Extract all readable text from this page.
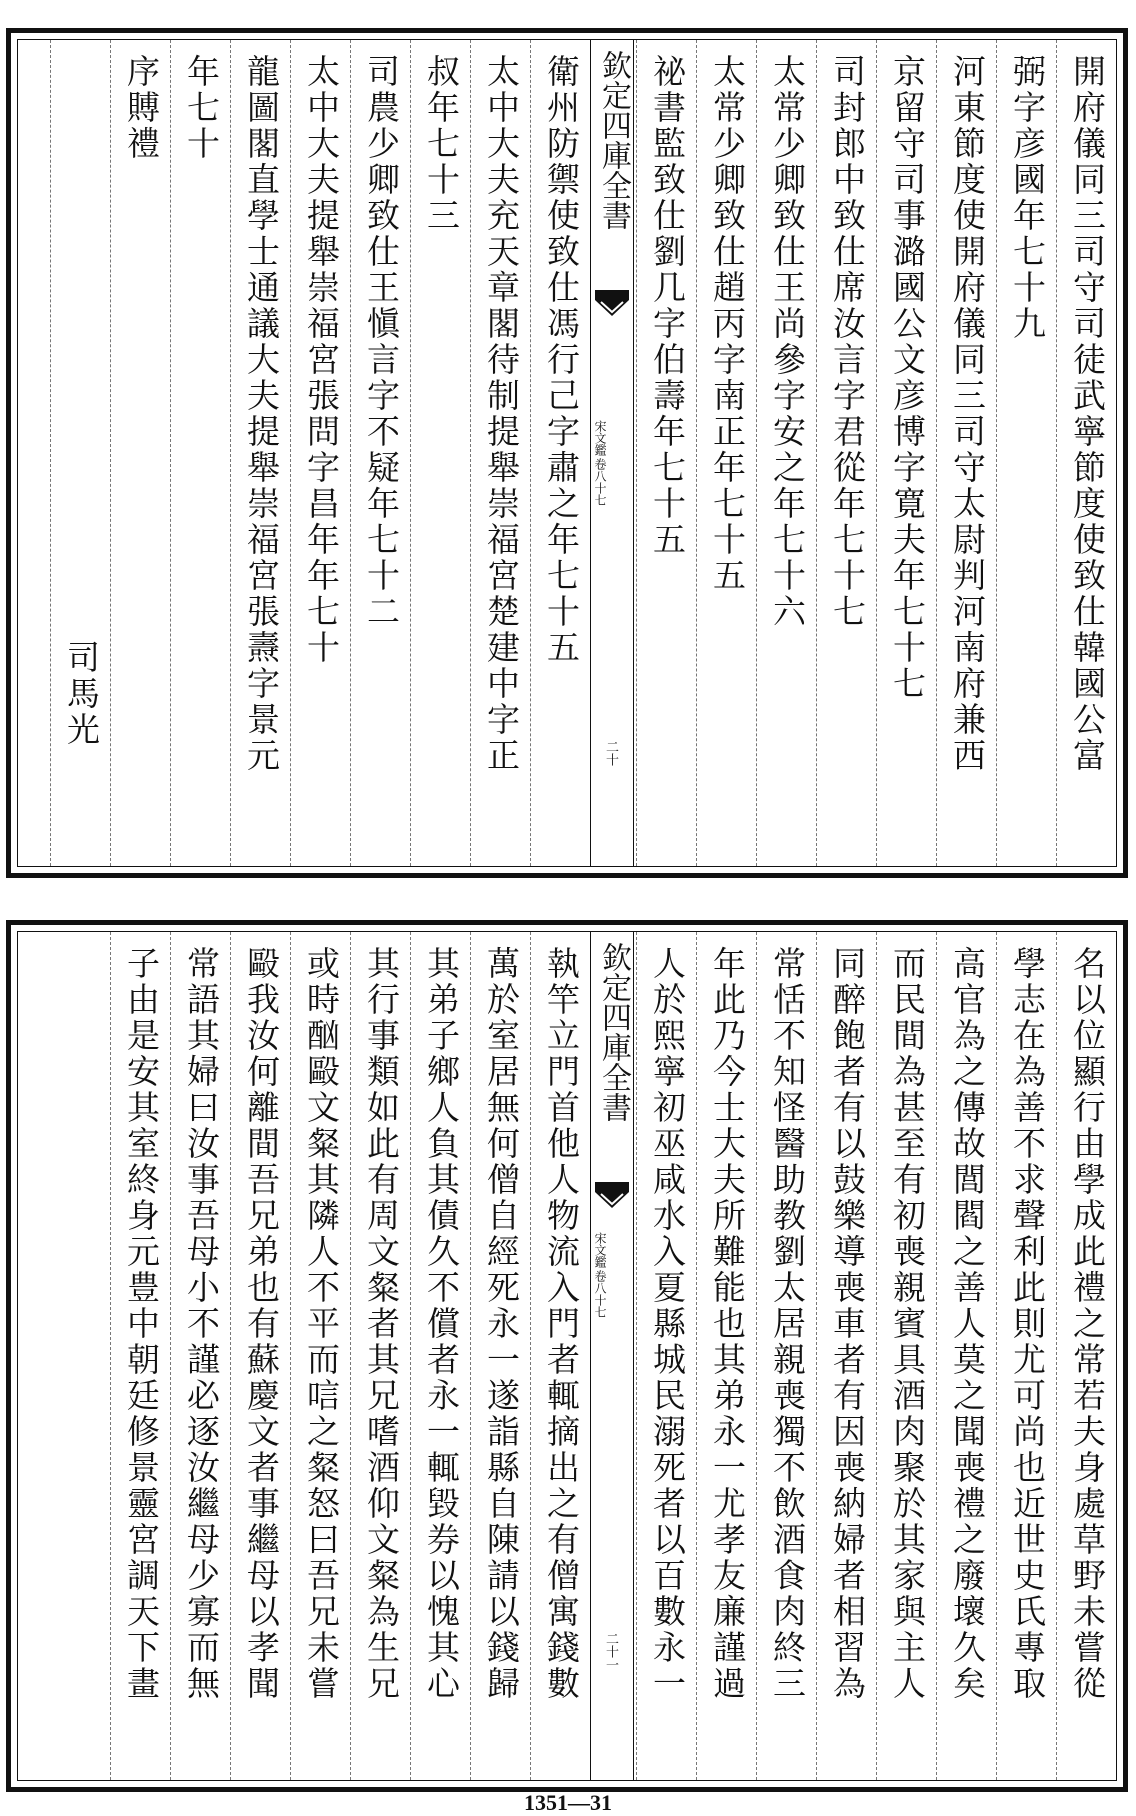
開府儀同三司守司徒武寧節度使致仕韓國公富
弼字彦國年七十九
河東節度使開府儀同三司守太尉判河南府兼西
京留守司事潞國公文彦博字寛夫年七十七
司封郎中致仕席汝言字君從年七十七
太常少卿致仕王尚參字安之年七十六
太常少卿致仕趙丙字南正年七十五
祕書監致仕劉几字伯壽年七十五
欽定四庫全書
宋文鑑
卷八十七
二十
衛州防禦使致仕馮行己字肅之年七十五
太中大夫充天章閣待制提舉崇福宮楚建中字正
叔年七十三
司農少卿致仕王愼言字不疑年七十二
太中大夫提舉崇福宮張問字昌年年七十
龍圖閣直學士通議大夫提舉崇福宮張燾字景元
年七十
序賻禮
司馬光
名以位顯行由學成此禮之常若夫身處草野未嘗從
學志在為善不求聲利此則尤可尚也近世史氏專取
高官為之傳故閭閻之善人莫之聞喪禮之廢壞久矣
而民間為甚至有初喪親賓具酒肉聚於其家與主人
同醉飽者有以鼓樂導喪車者有因喪納婦者相習為
常恬不知怪醫助教劉太居親喪獨不飲酒食肉終三
年此乃今士大夫所難能也其弟永一尤孝友廉謹過
人於熙寧初巫咸水入夏縣城民溺死者以百數永一
欽定四庫全書
宋文鑑
卷八十七
二十一
執竿立門首他人物流入門者輒摘出之有僧寓錢數
萬於室居無何僧自經死永一遂詣縣自陳請以錢歸
其弟子鄉人負其債久不償者永一輒毀券以愧其心
其行事類如此有周文粲者其兄嗜酒仰文粲為生兄
或時酗毆文粲其隣人不平而唁之粲怒曰吾兄未嘗
毆我汝何離間吾兄弟也有蘇慶文者事繼母以孝聞
常語其婦曰汝事吾母小不謹必逐汝繼母少寡而無
子由是安其室終身元豊中朝廷修景靈宮調天下畫
1351—31
